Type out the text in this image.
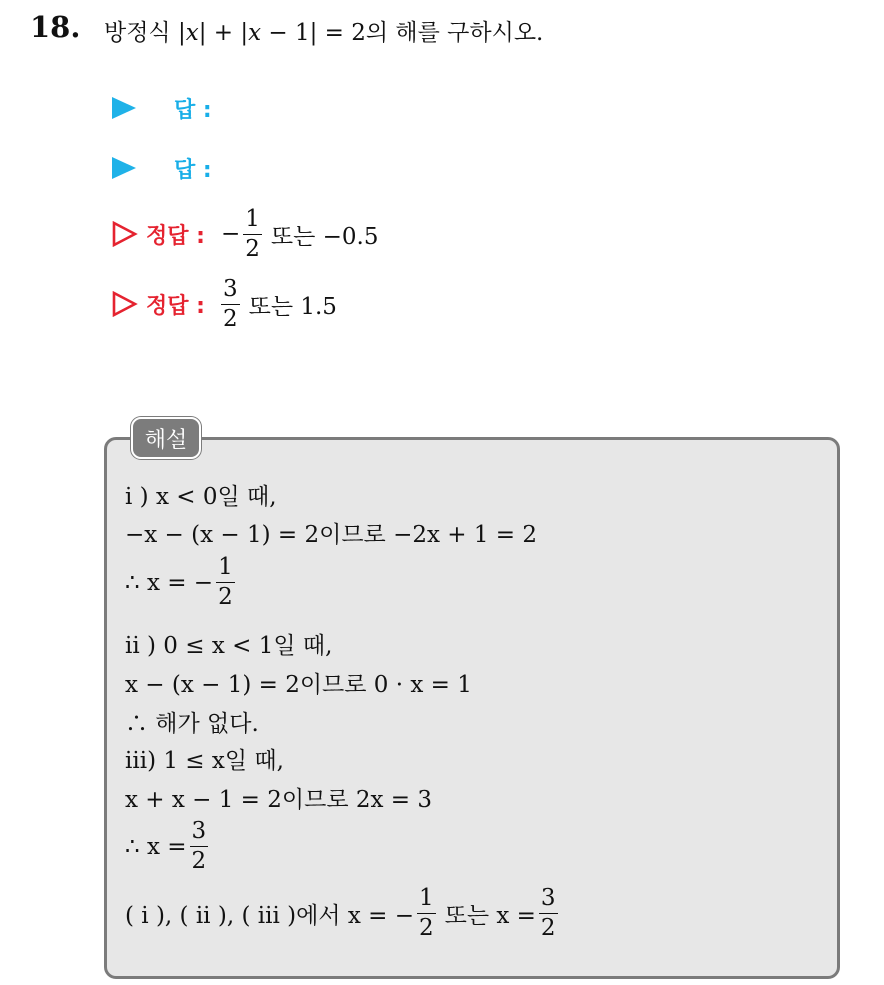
18. 방정식 |x| + |x − 1| = 2의 해를 구하시오.
답 :
답 :
정답 : − $\frac{1}{2}$ 또는 −0.5
정답 : $\frac{3}{2}$ 또는 1.5
해설
i ) x < 0일 때,
−x − (x − 1) = 2이므로 −2x + 1 = 2
∴ x = − $\frac{1}{2}$
ii ) 0 ≤ x < 1일 때,
x − (x − 1) = 2이므로 0 · x = 1
∴ 해가 없다.
iii) 1 ≤ x일 때,
x + x − 1 = 2이므로 2x = 3
∴ $x = \frac{3}{2}$
( i ), ( ii ), ( iii )에서 x = − $\frac{1}{2}$ 또는 $x = \frac{3}{2}$
